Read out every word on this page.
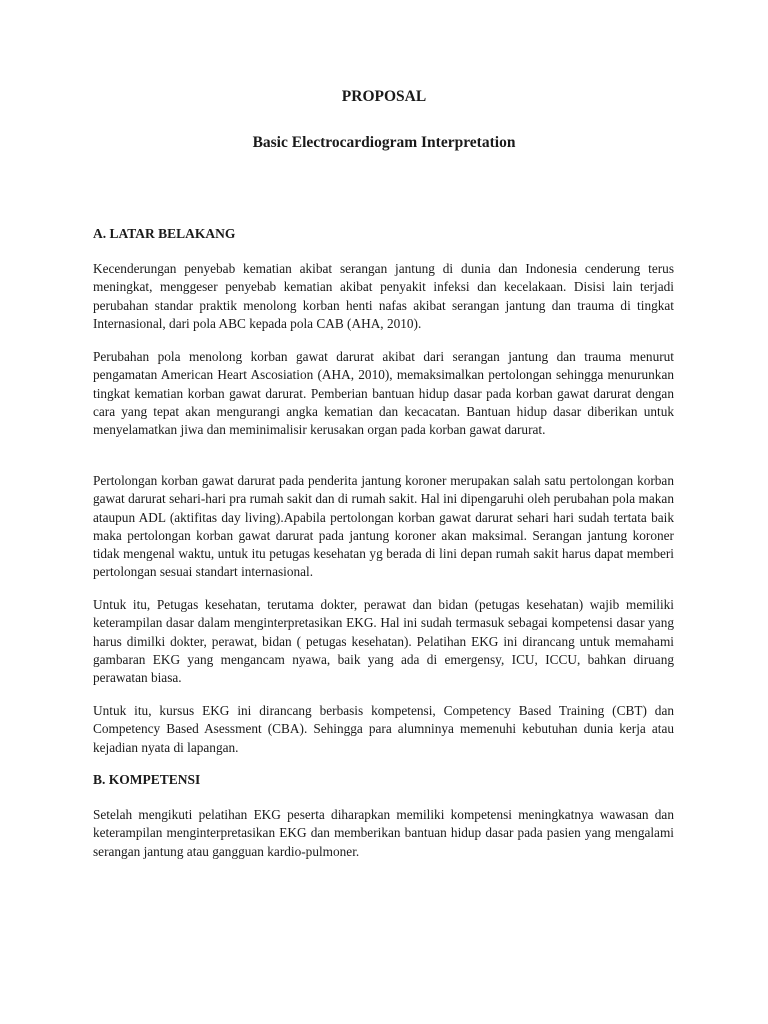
PROPOSAL
Basic Electrocardiogram Interpretation
A. LATAR BELAKANG

Kecenderungan penyebab kematian akibat serangan jantung di dunia dan Indonesia cenderung terus meningkat, menggeser penyebab kematian akibat penyakit infeksi dan kecelakaan. Disisi lain terjadi perubahan standar praktik menolong korban henti nafas akibat serangan jantung dan trauma di tingkat Internasional, dari pola ABC kepada pola CAB (AHA, 2010).

Perubahan pola menolong korban gawat darurat akibat dari serangan jantung dan trauma menurut pengamatan American Heart Ascosiation (AHA, 2010), memaksimalkan pertolongan sehingga menurunkan tingkat kematian korban gawat darurat. Pemberian bantuan hidup dasar pada korban gawat darurat dengan cara yang tepat akan mengurangi angka kematian dan kecacatan. Bantuan hidup dasar diberikan untuk menyelamatkan jiwa dan meminimalisir kerusakan organ pada korban gawat darurat.

Pertolongan korban gawat darurat pada penderita jantung koroner merupakan salah satu pertolongan korban gawat darurat sehari-hari pra rumah sakit dan di rumah sakit. Hal ini dipengaruhi oleh perubahan pola makan ataupun ADL (aktifitas day living).Apabila pertolongan korban gawat darurat sehari hari sudah tertata baik maka pertolongan korban gawat darurat pada jantung koroner akan maksimal. Serangan jantung koroner tidak mengenal waktu, untuk itu petugas kesehatan yg berada di lini depan rumah sakit harus dapat memberi pertolongan sesuai standart internasional.

Untuk itu, Petugas kesehatan, terutama dokter, perawat dan bidan (petugas kesehatan) wajib memiliki keterampilan dasar dalam menginterpretasikan EKG. Hal ini sudah termasuk sebagai kompetensi dasar yang harus dimilki dokter, perawat, bidan ( petugas kesehatan). Pelatihan EKG ini dirancang untuk memahami gambaran EKG yang mengancam nyawa, baik yang ada di emergensy, ICU, ICCU, bahkan diruang perawatan biasa.

Untuk itu, kursus EKG ini dirancang berbasis kompetensi, Competency Based Training (CBT) dan Competency Based Asessment (CBA). Sehingga para alumninya memenuhi kebutuhan dunia kerja atau kejadian nyata di lapangan.

B. KOMPETENSI

Setelah mengikuti pelatihan EKG peserta diharapkan memiliki kompetensi meningkatnya wawasan dan keterampilan menginterpretasikan EKG dan memberikan bantuan hidup dasar pada pasien yang mengalami serangan jantung atau gangguan kardio-pulmoner.
